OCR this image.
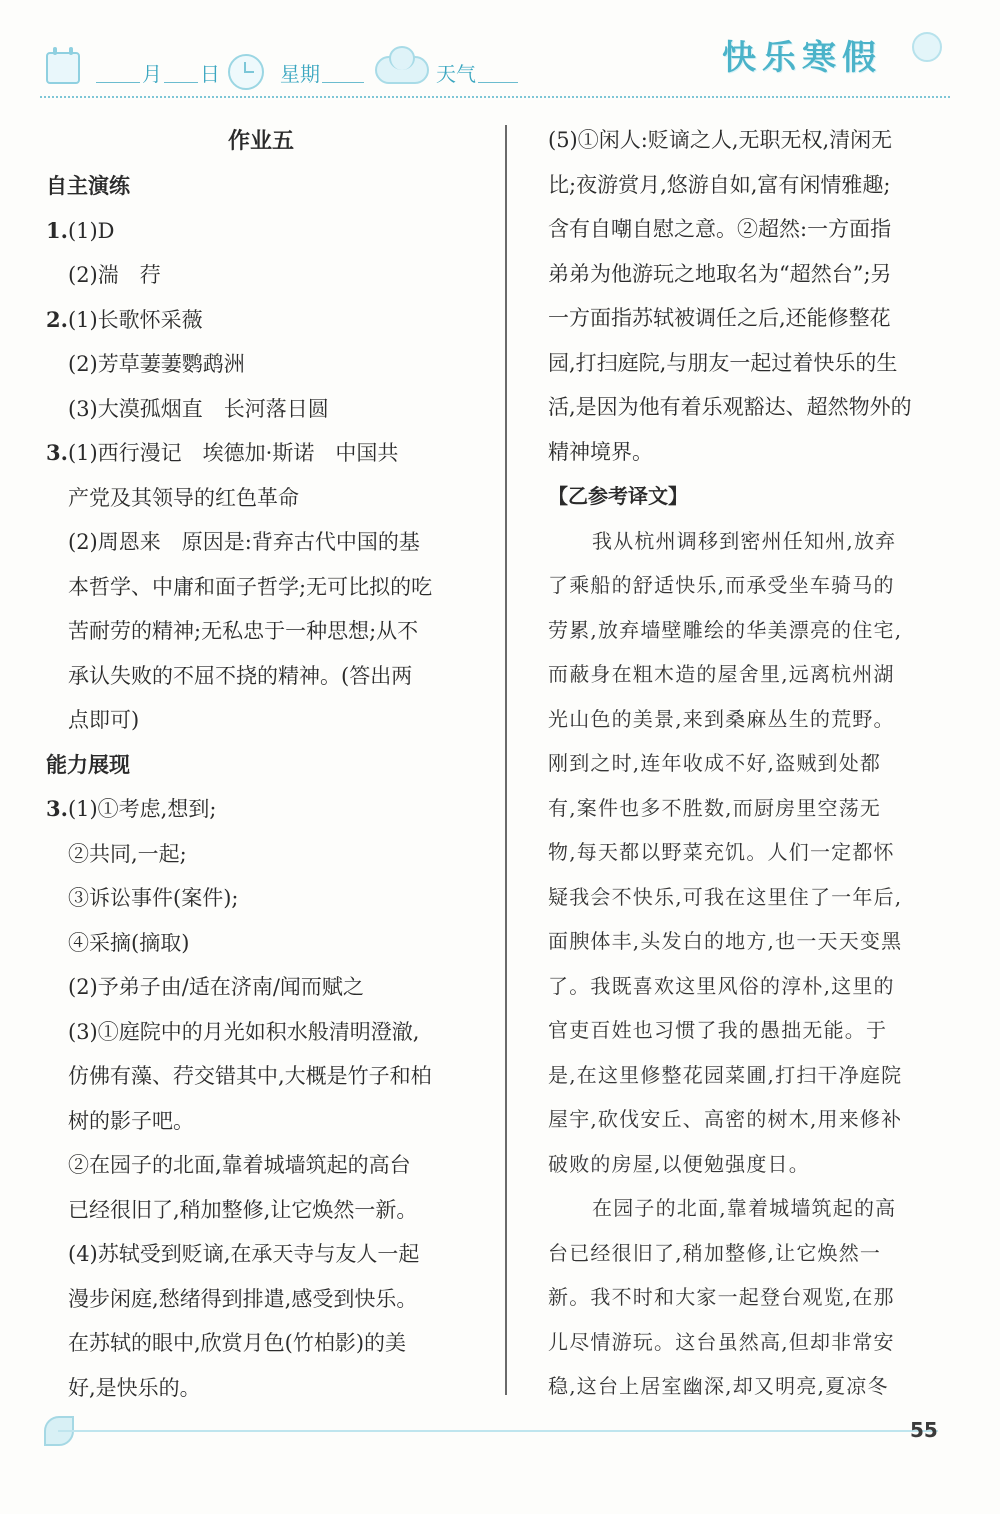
月 日	星期	天气	快乐寒假
作业五
自主演练
1.(1)D
(2)湍　荇
2.(1)长歌怀采薇
(2)芳草萋萋鹦鹉洲
(3)大漠孤烟直　长河落日圆
3.(1)西行漫记　埃德加·斯诺　中国共
产党及其领导的红色革命
(2)周恩来　原因是:背弃古代中国的基
本哲学、中庸和面子哲学;无可比拟的吃
苦耐劳的精神;无私忠于一种思想;从不
承认失败的不屈不挠的精神。(答出两
点即可)
能力展现
3.(1)①考虑,想到;
②共同,一起;
③诉讼事件(案件);
④采摘(摘取)
(2)予弟子由/适在济南/闻而赋之
(3)①庭院中的月光如积水般清明澄澈,
仿佛有藻、荇交错其中,大概是竹子和柏
树的影子吧。
②在园子的北面,靠着城墙筑起的高台
已经很旧了,稍加整修,让它焕然一新。
(4)苏轼受到贬谪,在承天寺与友人一起
漫步闲庭,愁绪得到排遣,感受到快乐。
在苏轼的眼中,欣赏月色(竹柏影)的美
好,是快乐的。
(5)①闲人:贬谪之人,无职无权,清闲无
比;夜游赏月,悠游自如,富有闲情雅趣;
含有自嘲自慰之意。②超然:一方面指
弟弟为他游玩之地取名为“超然台”;另
一方面指苏轼被调任之后,还能修整花
园,打扫庭院,与朋友一起过着快乐的生
活,是因为他有着乐观豁达、超然物外的
精神境界。
【乙参考译文】
我从杭州调移到密州任知州,放弃
了乘船的舒适快乐,而承受坐车骑马的
劳累,放弃墙壁雕绘的华美漂亮的住宅,
而蔽身在粗木造的屋舍里,远离杭州湖
光山色的美景,来到桑麻丛生的荒野。
刚到之时,连年收成不好,盗贼到处都
有,案件也多不胜数,而厨房里空荡无
物,每天都以野菜充饥。人们一定都怀
疑我会不快乐,可我在这里住了一年后,
面腴体丰,头发白的地方,也一天天变黑
了。我既喜欢这里风俗的淳朴,这里的
官吏百姓也习惯了我的愚拙无能。于
是,在这里修整花园菜圃,打扫干净庭院
屋宇,砍伐安丘、高密的树木,用来修补
破败的房屋,以便勉强度日。
在园子的北面,靠着城墙筑起的高
台已经很旧了,稍加整修,让它焕然一
新。我不时和大家一起登台观览,在那
儿尽情游玩。这台虽然高,但却非常安
稳,这台上居室幽深,却又明亮,夏凉冬
55
